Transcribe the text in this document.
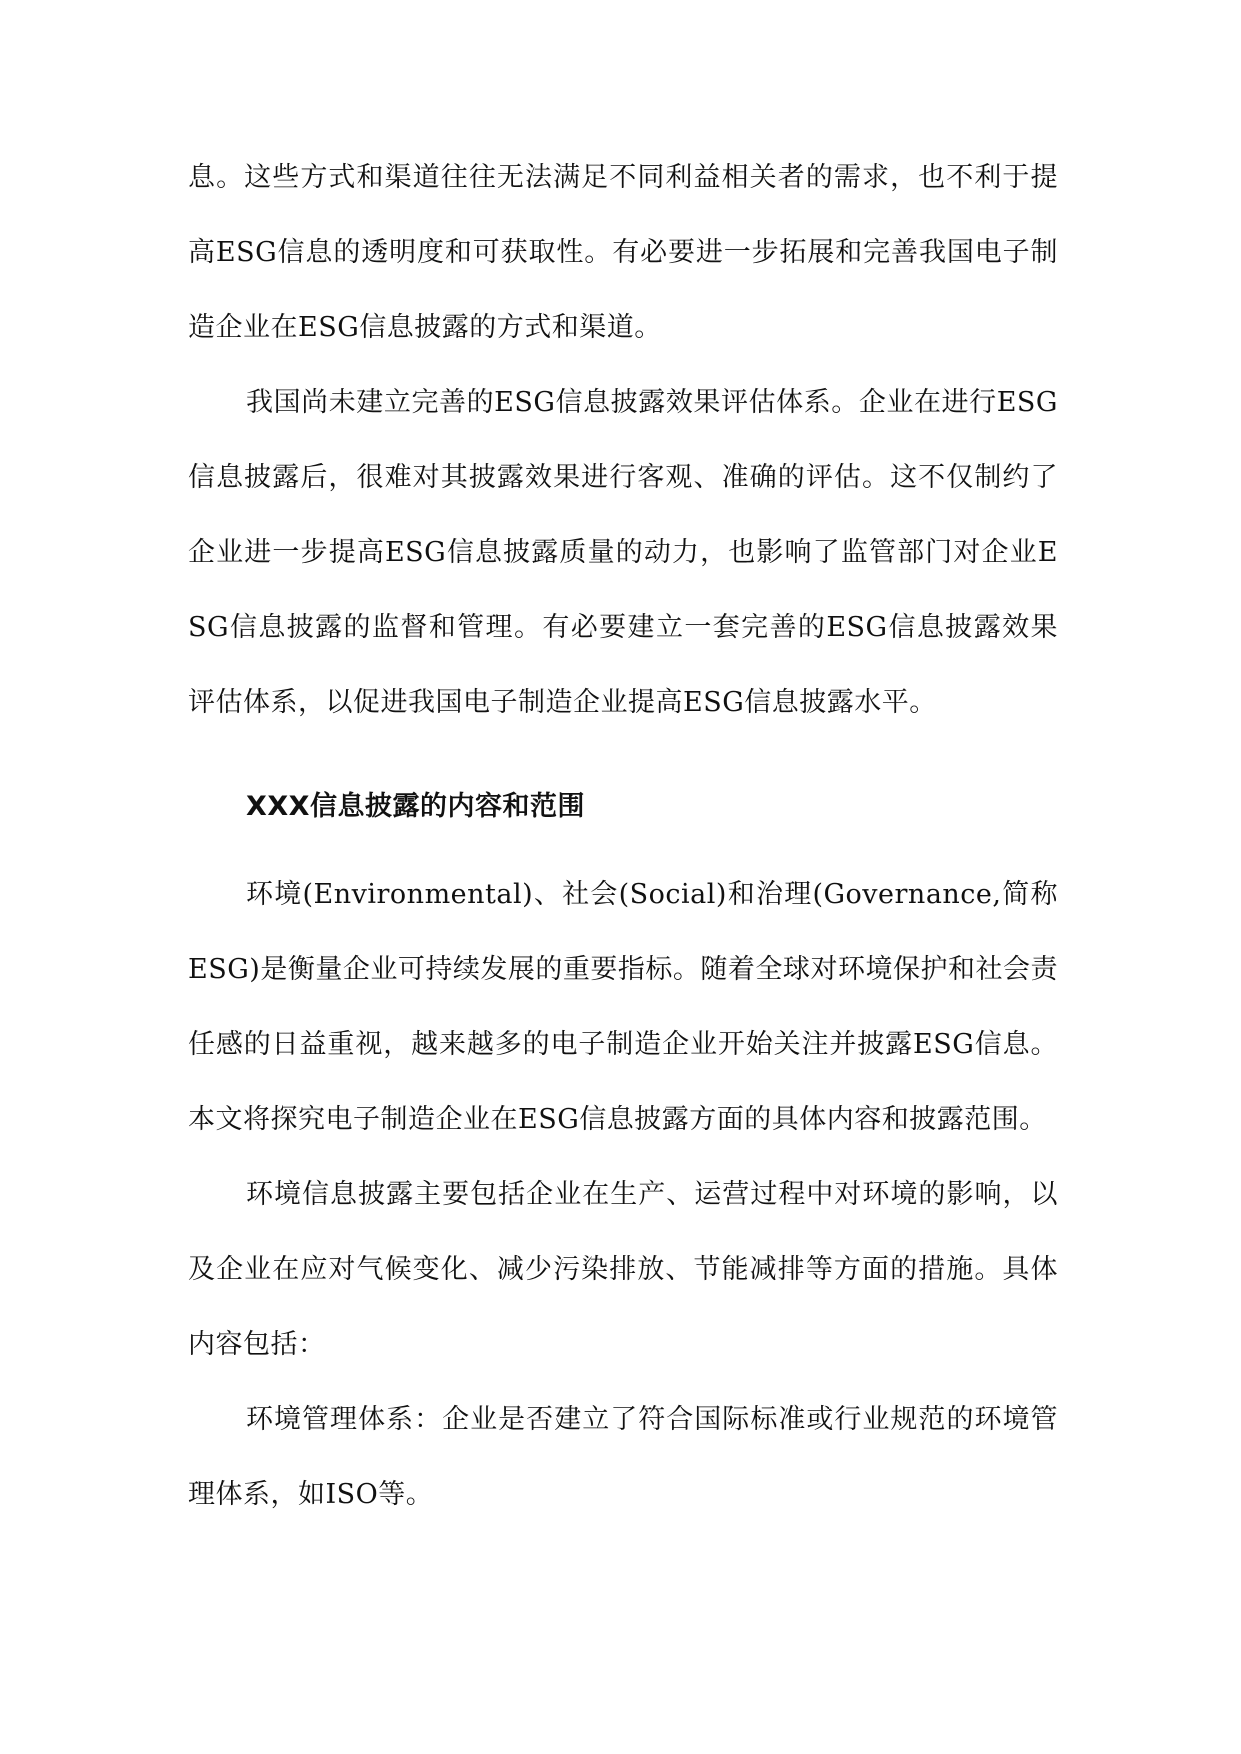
息。这些方式和渠道往往无法满足不同利益相关者的需求，也不利于提高ESG信息的透明度和可获取性。有必要进一步拓展和完善我国电子制造企业在ESG信息披露的方式和渠道。

我国尚未建立完善的ESG信息披露效果评估体系。企业在进行ESG信息披露后，很难对其披露效果进行客观、准确的评估。这不仅制约了企业进一步提高ESG信息披露质量的动力，也影响了监管部门对企业ESG信息披露的监督和管理。有必要建立一套完善的ESG信息披露效果评估体系，以促进我国电子制造企业提高ESG信息披露水平。

XXX信息披露的内容和范围

环境(Environmental)、社会(Social)和治理(Governance,简称ESG)是衡量企业可持续发展的重要指标。随着全球对环境保护和社会责任感的日益重视，越来越多的电子制造企业开始关注并披露ESG信息。本文将探究电子制造企业在ESG信息披露方面的具体内容和披露范围。

环境信息披露主要包括企业在生产、运营过程中对环境的影响，以及企业在应对气候变化、减少污染排放、节能减排等方面的措施。具体内容包括：

环境管理体系：企业是否建立了符合国际标准或行业规范的环境管理体系，如ISO等。
